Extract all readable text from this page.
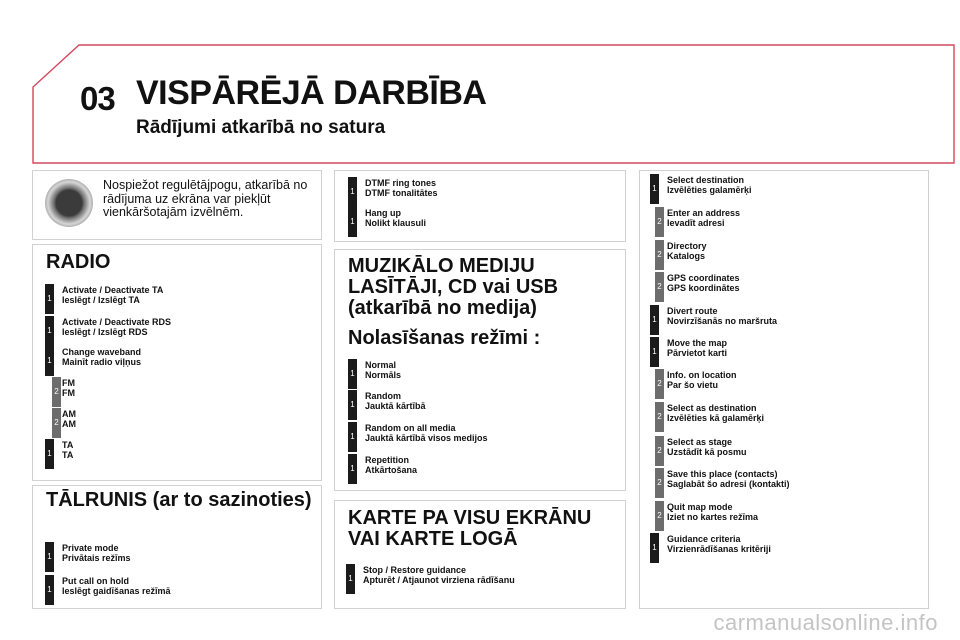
03 VISPĀRĒJĀ DARBĪBA
Rādījumi atkarībā no satura
Nospiežot regulētājpogu, atkarībā no rādījuma uz ekrāna var piekļūt vienkāršotajām izvēlnēm.
RADIO
TĀLRUNIS (ar to sazinoties)
MUZIKĀLO MEDIJU
LASĪTĀJI, CD vai USB
(atkarībā no medija)
Nolasīšanas režīmi :
KARTE PA VISU EKRĀNU
VAI KARTE LOGĀ
1
Activate / Deactivate TA
Ieslēgt / Izslēgt TA
1
Activate / Deactivate RDS
Ieslēgt / Izslēgt RDS
1
Change waveband
Mainīt radio viļņus
2
FM
FM
2
AM
AM
1
TA
TA
1
Private mode
Privātais režīms
1
Put call on hold
Ieslēgt gaidīšanas režīmā
1
DTMF ring tones
DTMF tonalitātes
1
Hang up
Nolikt klausuli
1
Normal
Normāls
1
Random
Jauktā kārtībā
1
Random on all media
Jauktā kārtībā visos medijos
1
Repetition
Atkārtošana
1
Stop / Restore guidance
Apturēt / Atjaunot virziena rādīšanu
1
Select destination
Izvēlēties galamērķi
2
Enter an address
Ievadīt adresi
2
Directory
Katalogs
2
GPS coordinates
GPS koordinātes
1
Divert route
Novirzīšanās no maršruta
1
Move the map
Pārvietot karti
2
Info. on location
Par šo vietu
2
Select as destination
Izvēlēties kā galamērķi
2
Select as stage
Uzstādīt kā posmu
2
Save this place (contacts)
Saglabāt šo adresi (kontakti)
2
Quit map mode
Iziet no kartes režīma
1
Guidance criteria
Virzienrādīšanas kritēriji
carmanualsonline.info
